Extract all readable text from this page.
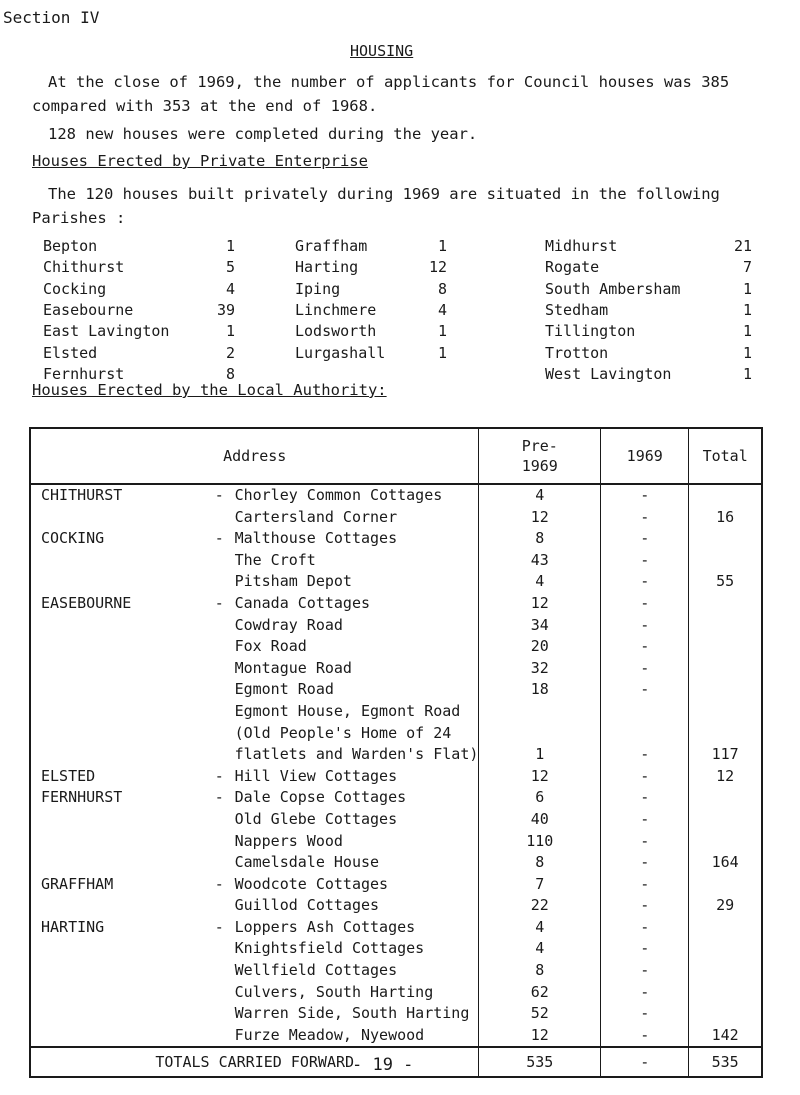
Section IV
HOUSING
At the close of 1969, the number of applicants for Council houses was 385 compared with 353 at the end of 1968.
128 new houses were completed during the year.
Houses Erected by Private Enterprise
The 120 houses built privately during 1969 are situated in the following Parishes :
Bepton	1
Chithurst	5
Cocking	4
Easebourne	39
East Lavington	1
Elsted	2
Fernhurst	8
Graffham	1
Harting	12
Iping	8
Linchmere	4
Lodsworth	1
Lurgashall	1
Midhurst	21
Rogate	7
South Ambersham	1
Stedham	1
Tillington	1
Trotton	1
West Lavington	1
Houses Erected by the Local Authority:
Address			Pre-
1969	1969	Total
CHITHURST	-	Chorley Common Cottages	4	-	
		Cartersland Corner	12	-	16
COCKING	-	Malthouse Cottages	8	-	
		The Croft	43	-	
		Pitsham Depot	4	-	55
EASEBOURNE	-	Canada Cottages	12	-	
		Cowdray Road	34	-	
		Fox Road	20	-	
		Montague Road	32	-	
		Egmont Road	18	-	
		Egmont House, Egmont Road			
		(Old People's Home of 24			
		flatlets and Warden's Flat)	1	-	117
ELSTED	-	Hill View Cottages	12	-	12
FERNHURST	-	Dale Copse Cottages	6	-	
		Old Glebe Cottages	40	-	
		Nappers Wood	110	-	
		Camelsdale House	8	-	164
GRAFFHAM	-	Woodcote Cottages	7	-	
		Guillod Cottages	22	-	29
HARTING	-	Loppers Ash Cottages	4	-	
		Knightsfield Cottages	4	-	
		Wellfield Cottages	8	-	
		Culvers, South Harting	62	-	
		Warren Side, South Harting	52	-	
		Furze Meadow, Nyewood	12	-	142
TOTALS CARRIED FORWARD			535	-	535
- 19 -
